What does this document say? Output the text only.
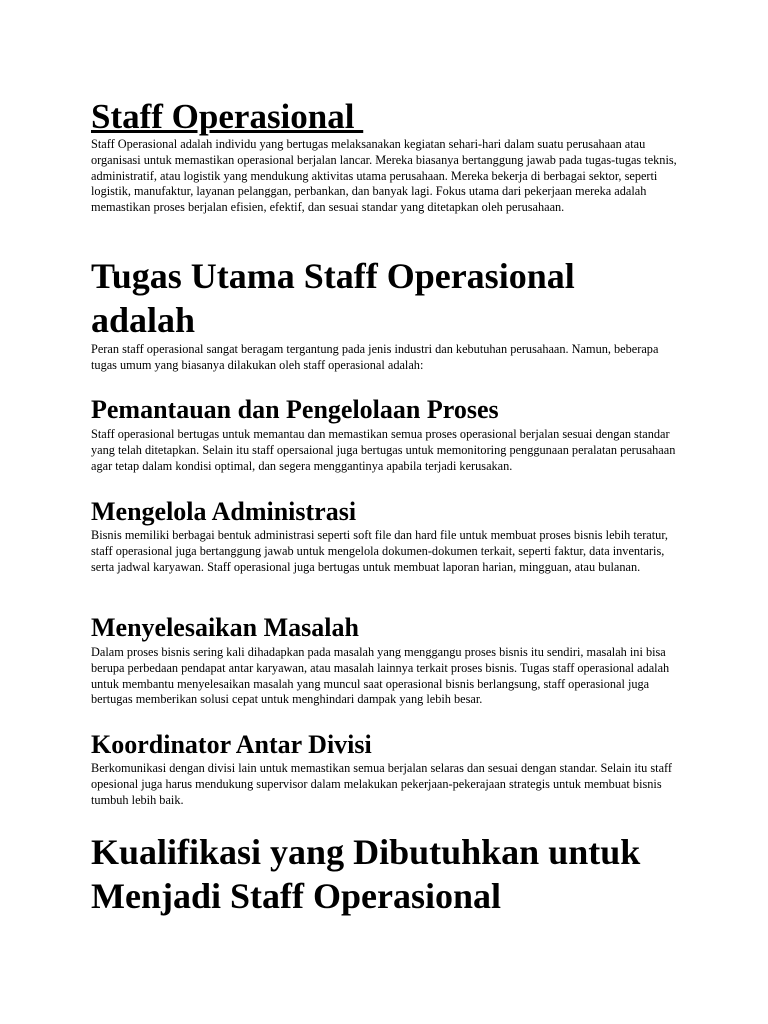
Staff Operasional

Staff Operasional adalah individu yang bertugas melaksanakan kegiatan sehari-hari dalam suatu perusahaan atau organisasi untuk memastikan operasional berjalan lancar. Mereka biasanya bertanggung jawab pada tugas-tugas teknis, administratif, atau logistik yang mendukung aktivitas utama perusahaan. Mereka bekerja di berbagai sektor, seperti logistik, manufaktur, layanan pelanggan, perbankan, dan banyak lagi. Fokus utama dari pekerjaan mereka adalah memastikan proses berjalan efisien, efektif, dan sesuai standar yang ditetapkan oleh perusahaan.

Tugas Utama Staff Operasional adalah

Peran staff operasional sangat beragam tergantung pada jenis industri dan kebutuhan perusahaan. Namun, beberapa tugas umum yang biasanya dilakukan oleh staff operasional adalah:

Pemantauan dan Pengelolaan Proses

Staff operasional bertugas untuk memantau dan memastikan semua proses operasional berjalan sesuai dengan standar yang telah ditetapkan. Selain itu staff opersaional juga bertugas untuk memonitoring penggunaan peralatan perusahaan agar tetap dalam kondisi optimal, dan segera menggantinya apabila terjadi kerusakan.

Mengelola Administrasi

Bisnis memiliki berbagai bentuk administrasi seperti soft file dan hard file untuk membuat proses bisnis lebih teratur, staff operasional juga bertanggung jawab untuk mengelola dokumen-dokumen terkait, seperti faktur, data inventaris, serta jadwal karyawan. Staff operasional juga bertugas untuk membuat laporan harian, mingguan, atau bulanan.

Menyelesaikan Masalah

Dalam proses bisnis sering kali dihadapkan pada masalah yang menggangu proses bisnis itu sendiri, masalah ini bisa berupa perbedaan pendapat antar karyawan, atau masalah lainnya terkait proses bisnis. Tugas staff operasional adalah untuk membantu menyelesaikan masalah yang muncul saat operasional bisnis berlangsung, staff operasional juga bertugas memberikan solusi cepat untuk menghindari dampak yang lebih besar.

Koordinator Antar Divisi

Berkomunikasi dengan divisi lain untuk memastikan semua berjalan selaras dan sesuai dengan standar. Selain itu staff opesional juga harus mendukung supervisor dalam melakukan pekerjaan-pekerajaan strategis untuk membuat bisnis tumbuh lebih baik.

Kualifikasi yang Dibutuhkan untuk Menjadi Staff Operasional
